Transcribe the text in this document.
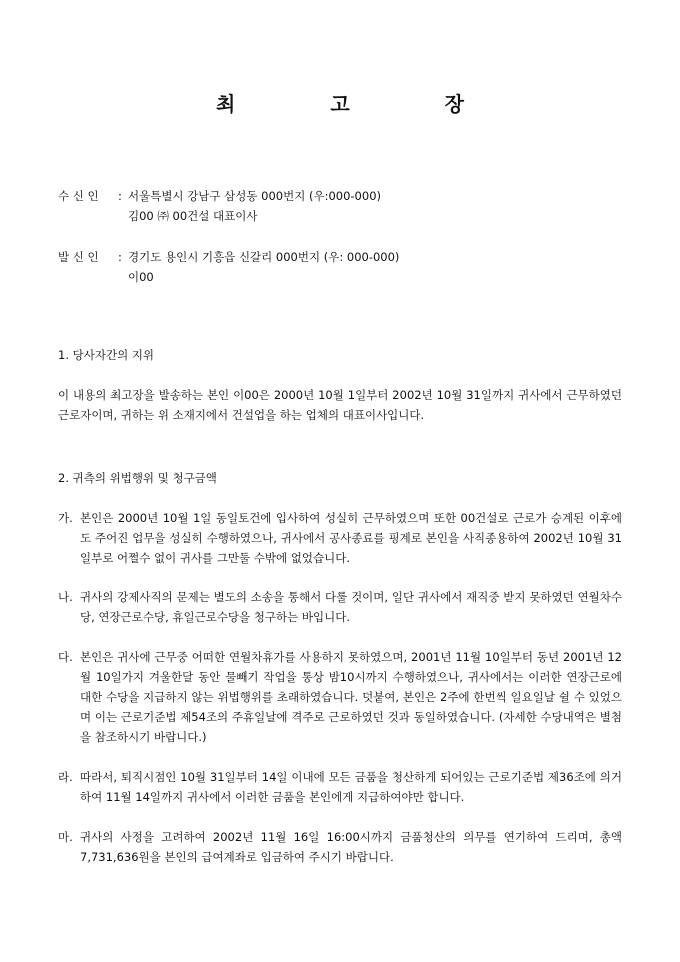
최 고 장
수 신 인	: 서울특별시 강남구 삼성동 000번지 (우:000-000)
김00 ㈜ 00건설 대표이사
발 신 인	: 경기도 용인시 기흥읍 신갈리 000번지 (우: 000-000)
이00
1. 당사자간의 지위
이 내용의 최고장을 발송하는 본인 이00은 2000년 10월 1일부터 2002년 10월 31일까지 귀사에서 근무하였던 근로자이며, 귀하는 위 소재지에서 건설업을 하는 업체의 대표이사입니다.
2. 귀측의 위법행위 및 청구금액
가. 본인은 2000년 10월 1일 동일토건에 입사하여 성실히 근무하였으며 또한 00건설로 근로가 승계된 이후에도 주어진 업무을 성실히 수행하였으나, 귀사에서 공사종료를 핑계로 본인을 사직종용하여 2002년 10월 31일부로 어쩔수 없이 귀사를 그만둘 수밖에 없었습니다.
나. 귀사의 강제사직의 문제는 별도의 소송을 통해서 다룰 것이며, 일단 귀사에서 재직중 받지 못하였던 연월차수당, 연장근로수당, 휴일근로수당을 청구하는 바입니다.
다. 본인은 귀사에 근무중 어떠한 연월차휴가를 사용하지 못하였으며, 2001년 11월 10일부터 동년 2001년 12월 10일가지 겨울한달 동안 물빼기 작업을 통상 밤10시까지 수행하였으나, 귀사에서는 이러한 연장근로에 대한 수당을 지급하지 않는 위법행위를 초래하였습니다. 덧붙여, 본인은 2주에 한번씩 일요일날 쉴 수 있었으며 이는 근로기준법 제54조의 주휴일날에 격주로 근로하였던 것과 동일하였습니다. (자세한 수당내역은 별첨을 참조하시기 바랍니다.)
라. 따라서, 퇴직시점인 10월 31일부터 14일 이내에 모든 금품을 청산하게 되어있는 근로기준법 제36조에 의거하여 11월 14일까지 귀사에서 이러한 금품을 본인에게 지급하여야만 합니다.
마. 귀사의 사정을 고려하여 2002년 11월 16일 16:00시까지 금품청산의 의무를 연기하여 드리며, 총액 7,731,636원을 본인의 급여계좌로 입금하여 주시기 바랍니다.
